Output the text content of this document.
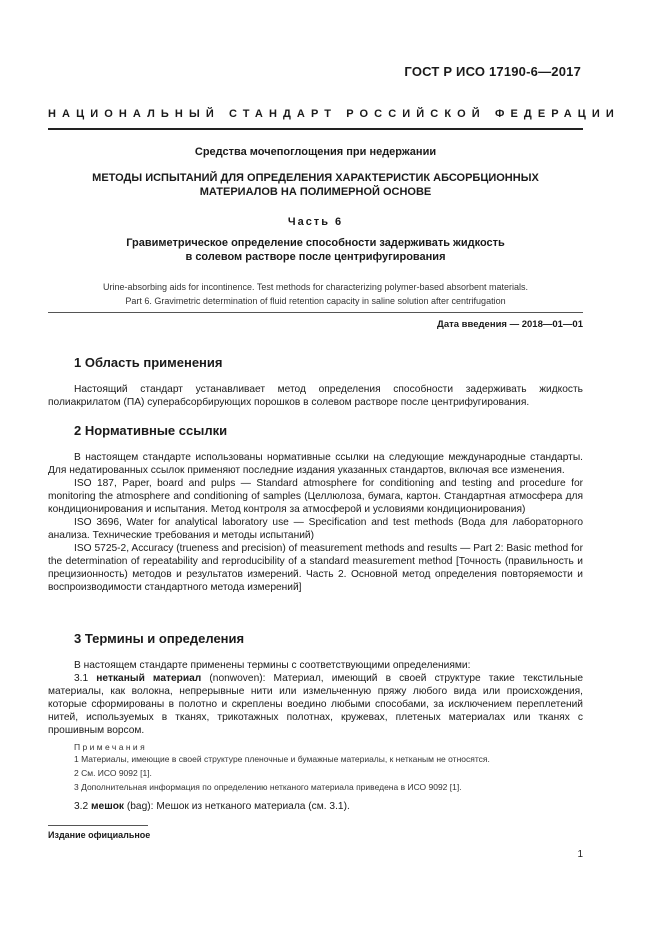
ГОСТ Р ИСО 17190-6—2017
НАЦИОНАЛЬНЫЙ СТАНДАРТ РОССИЙСКОЙ ФЕДЕРАЦИИ
Средства мочепоглощения при недержании
МЕТОДЫ ИСПЫТАНИЙ ДЛЯ ОПРЕДЕЛЕНИЯ ХАРАКТЕРИСТИК АБСОРБЦИОННЫХ
МАТЕРИАЛОВ НА ПОЛИМЕРНОЙ ОСНОВЕ
Часть 6
Гравиметрическое определение способности задерживать жидкость
в солевом растворе после центрифугирования
Urine-absorbing aids for incontinence. Test methods for characterizing polymer-based absorbent materials.
Part 6. Gravimetric determination of fluid retention capacity in saline solution after centrifugation
Дата введения — 2018—01—01
1 Область применения

Настоящий стандарт устанавливает метод определения способности задерживать жидкость полиакрилатом (ПА) суперабсорбирующих порошков в солевом растворе после центрифугирования.

2 Нормативные ссылки

В настоящем стандарте использованы нормативные ссылки на следующие международные стандарты. Для недатированных ссылок применяют последние издания указанных стандартов, включая все изменения.

ISO 187, Paper, board and pulps — Standard atmosphere for conditioning and testing and procedure for monitoring the atmosphere and conditioning of samples (Целлюлоза, бумага, картон. Стандартная атмосфера для кондиционирования и испытания. Метод контроля за атмосферой и условиями кондиционирования)

ISO 3696, Water for analytical laboratory use — Specification and test methods (Вода для лабораторного анализа. Технические требования и методы испытаний)

ISO 5725-2, Accuracy (trueness and precision) of measurement methods and results — Part 2: Basic method for the determination of repeatability and reproducibility of a standard measurement method [Точность (правильность и прецизионность) методов и результатов измерений. Часть 2. Основной метод определения повторяемости и воспроизводимости стандартного метода измерений]

3 Термины и определения

В настоящем стандарте применены термины с соответствующими определениями:

3.1 нетканый материал (nonwoven): Материал, имеющий в своей структуре такие текстильные материалы, как волокна, непрерывные нити или измельченную пряжу любого вида или происхождения, которые сформированы в полотно и скреплены воедино любыми способами, за исключением переплетений нитей, используемых в тканях, трикотажных полотнах, кружевах, плетеных материалах или тканях с прошивным ворсом.

Примечания
1 Материалы, имеющие в своей структуре пленочные и бумажные материалы, к нетканым не относятся.
2 См. ИСО 9092 [1].
3 Дополнительная информация по определению нетканого материала приведена в ИСО 9092 [1].

3.2 мешок (bag): Мешок из нетканого материала (см. 3.1).

Издание официальное
1
